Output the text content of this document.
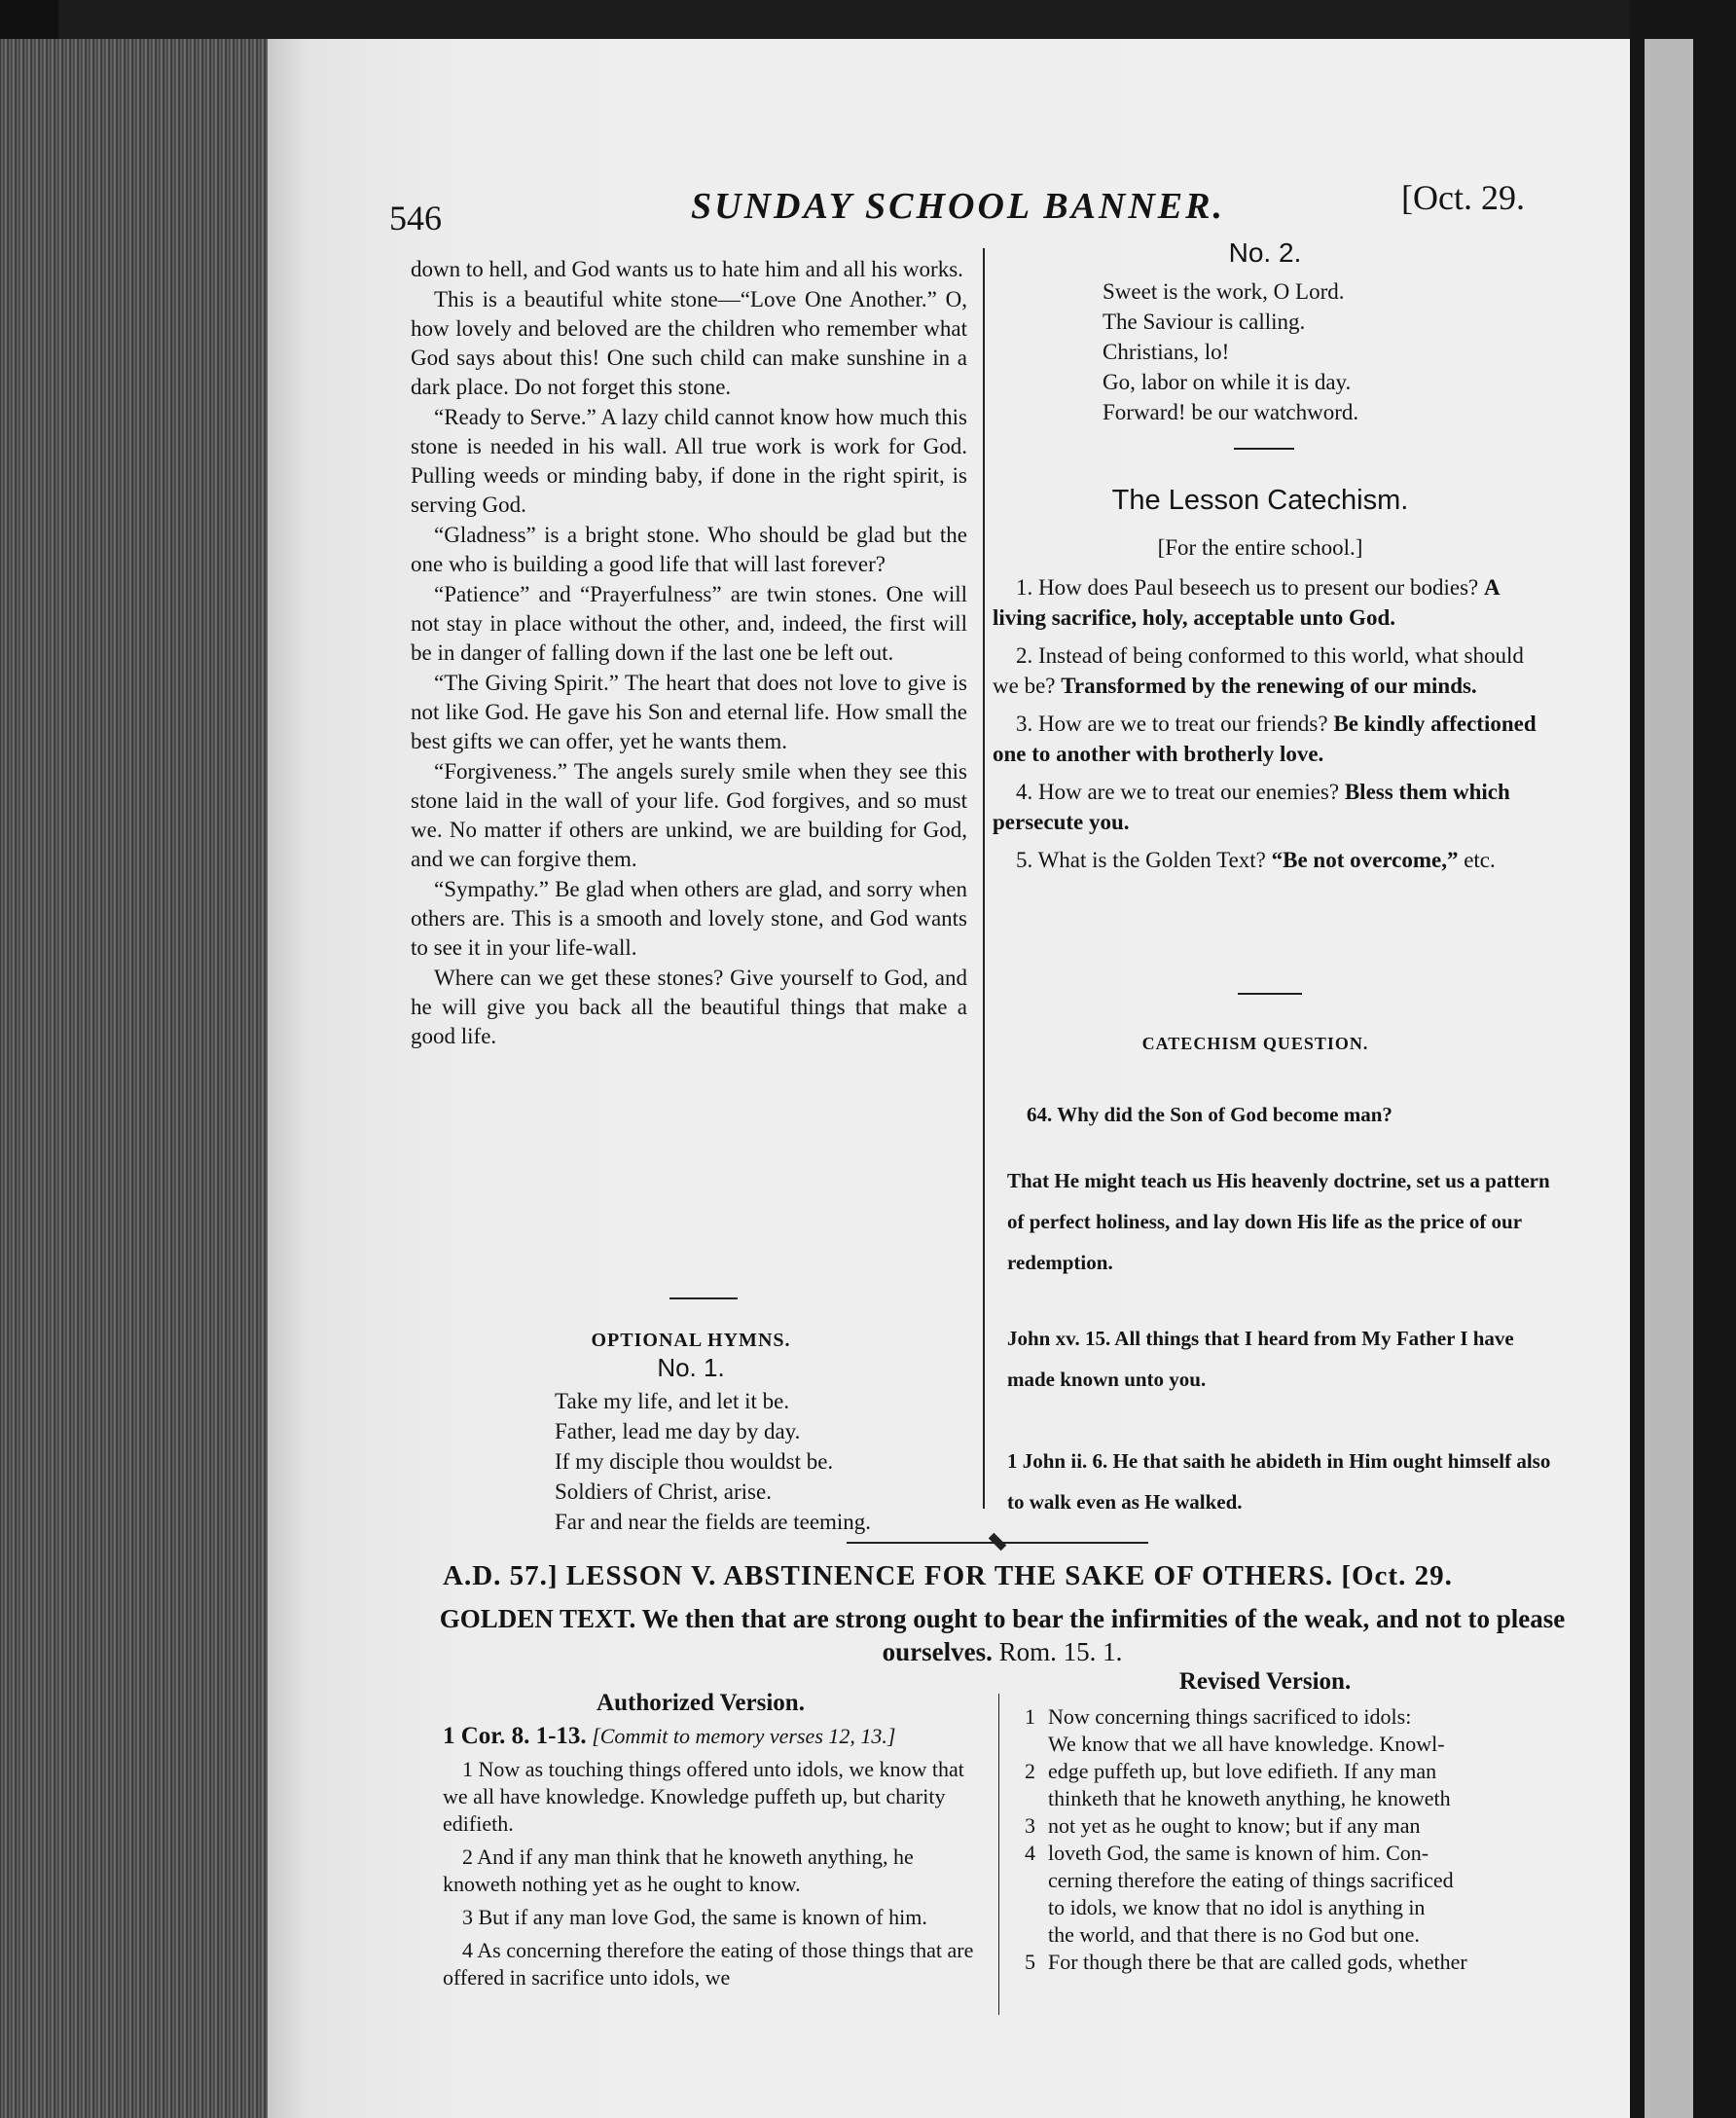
546	SUNDAY SCHOOL BANNER.	[Oct. 29.

down to hell, and God wants us to hate him and all his works.

This is a beautiful white stone—“Love One Another.” O, how lovely and beloved are the children who remember what God says about this! One such child can make sunshine in a dark place. Do not forget this stone.

“Ready to Serve.” A lazy child cannot know how much this stone is needed in his wall. All true work is work for God. Pulling weeds or minding baby, if done in the right spirit, is serving God.

“Gladness” is a bright stone. Who should be glad but the one who is building a good life that will last forever?

“Patience” and “Prayerfulness” are twin stones. One will not stay in place without the other, and, indeed, the first will be in danger of falling down if the last one be left out.

“The Giving Spirit.” The heart that does not love to give is not like God. He gave his Son and eternal life. How small the best gifts we can offer, yet he wants them.

“Forgiveness.” The angels surely smile when they see this stone laid in the wall of your life. God forgives, and so must we. No matter if others are unkind, we are building for God, and we can forgive them.

“Sympathy.” Be glad when others are glad, and sorry when others are. This is a smooth and lovely stone, and God wants to see it in your life-wall.

Where can we get these stones? Give yourself to God, and he will give you back all the beautiful things that make a good life.

OPTIONAL HYMNS.
No. 1.
Take my life, and let it be.
Father, lead me day by day.
If my disciple thou wouldst be.
Soldiers of Christ, arise.
Far and near the fields are teeming.
No. 2.
Sweet is the work, O Lord.
The Saviour is calling.
Christians, lo!
Go, labor on while it is day.
Forward! be our watchword.
The Lesson Catechism.
[For the entire school.]

1. How does Paul beseech us to present our bodies? A living sacrifice, holy, acceptable unto God.

2. Instead of being conformed to this world, what should we be? Transformed by the renewing of our minds.

3. How are we to treat our friends? Be kindly affectioned one to another with brotherly love.

4. How are we to treat our enemies? Bless them which persecute you.

5. What is the Golden Text? “Be not overcome,” etc.

CATECHISM QUESTION.
64. Why did the Son of God become man?
That He might teach us His heavenly doctrine, set us a pattern of perfect holiness, and lay down His life as the price of our redemption.
John xv. 15. All things that I heard from My Father I have made known unto you.
1 John ii. 6. He that saith he abideth in Him ought himself also to walk even as He walked.
A.D. 57.] LESSON V. ABSTINENCE FOR THE SAKE OF OTHERS. [Oct. 29.
GOLDEN TEXT. We then that are strong ought to bear the infirmities of the weak, and not to please ourselves. Rom. 15. 1.
Authorized Version.
Revised Version.
1 Cor. 8. 1-13. [Commit to memory verses 12, 13.]

1 Now as touching things offered unto idols, we know that we all have knowledge. Knowledge puffeth up, but charity edifieth.

2 And if any man think that he knoweth anything, he knoweth nothing yet as he ought to know.

3 But if any man love God, the same is known of him.

4 As concerning therefore the eating of those things that are offered in sacrifice unto idols, we

1 Now concerning things sacrificed to idols:
We know that we all have knowledge. Knowl-
2 edge puffeth up, but love edifieth. If any man
thinketh that he knoweth anything, he knoweth
3 not yet as he ought to know; but if any man
4 loveth God, the same is known of him. Con-
cerning therefore the eating of things sacrificed
to idols, we know that no idol is anything in
the world, and that there is no God but one.
5 For though there be that are called gods, whether
